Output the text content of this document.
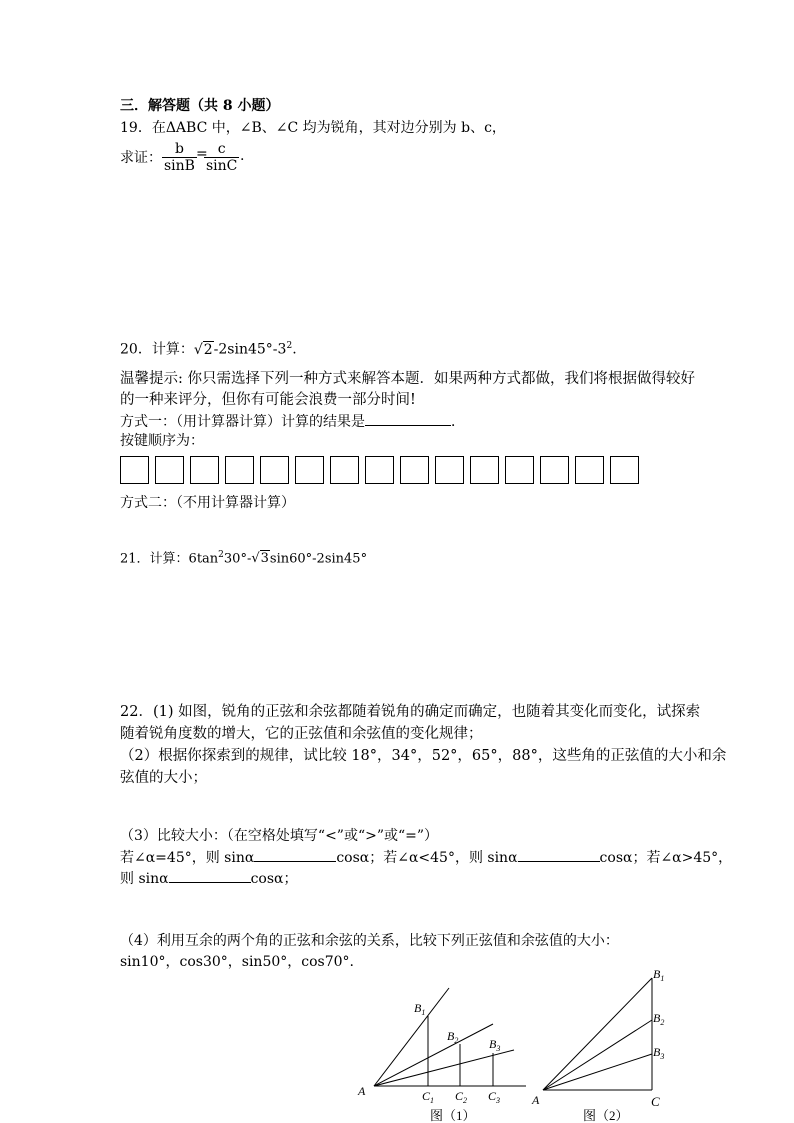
三．解答题（共 8 小题）
19．在ΔABC 中，∠B、∠C 均为锐角，其对边分别为 b、c，
求证： $\frac{b}{\sin B}$ =
$\frac{c}{\sin C}$ .
20．计算：$√2-2\sin 45^\circ-3^2$.
温馨提示: 你只需选择下列一种方式来解答本题．如果两种方式都做，我们将根据做得较好
的一种来评分，但你有可能会浪费一部分时间!
方式一：（用计算器计算）计算的结果是	．
按键顺序为：
方式二：（不用计算器计算）
21．计算：$6\tan^230^\circ-√3\sin 60^\circ-2\sin 45^\circ$
22．(1) 如图，锐角的正弦和余弦都随着锐角的确定而确定，也随着其变化而变化，试探索
随着锐角度数的增大，它的正弦值和余弦值的变化规律；
（2）根据你探索到的规律，试比较 18°，34°，52°，65°，88°，这些角的正弦值的大小和余
弦值的大小；
（3）比较大小：（在空格处填写“<”或“>”或“=”）
若∠α=45°，则 sinα	cosα；若∠α<45°，则 sinα	cosα；若∠α>45°，
则 sinα	cosα；
（4）利用互余的两个角的正弦和余弦的关系，比较下列正弦值和余弦值的大小：
sin10°，cos30°，sin50°，cos70°.
A
$B_1$
$B_2$	$B_3$
$C_1$ $C_2$ $C_3$
图（1）
A	C
$B_1$
$B_2$
$B_3$
图（2）
